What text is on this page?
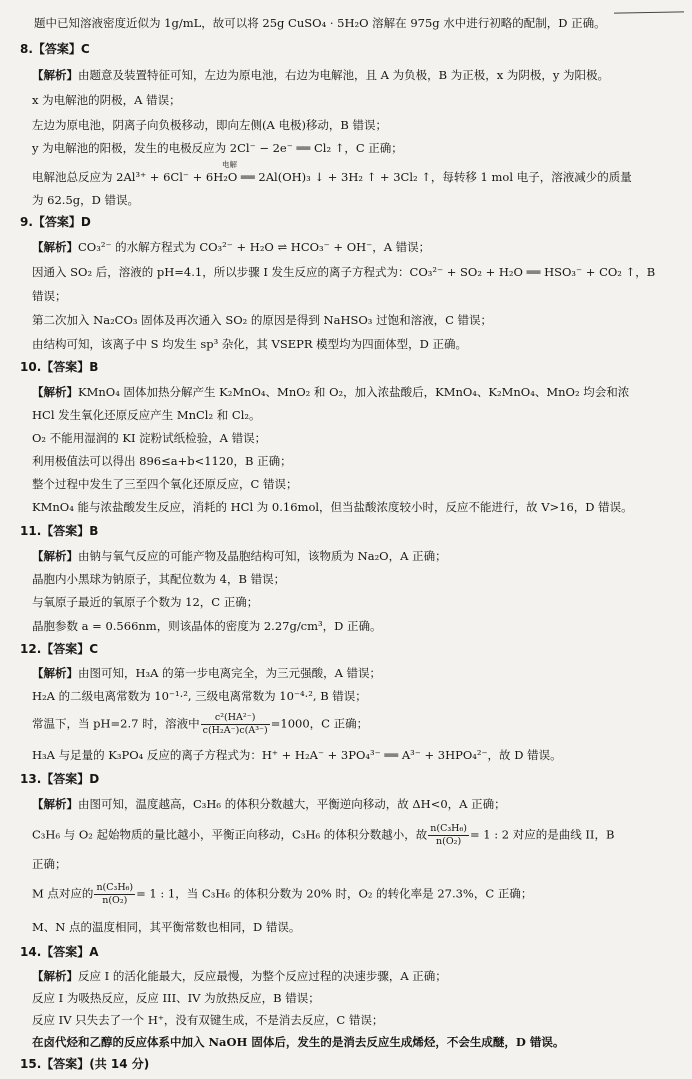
题中已知溶液密度近似为 1g/mL，故可以将 25g CuSO₄ · 5H₂O 溶解在 975g 水中进行初略的配制，D 正确。
8.【答案】C
【解析】由题意及装置特征可知，左边为原电池，右边为电解池，且 A 为负极，B 为正极，x 为阴极，y 为阳极。
x 为电解池的阴极，A 错误；
左边为原电池，阴离子向负极移动，即向左侧(A 电极)移动，B 错误；
y 为电解池的阳极，发生的电极反应为 2Cl⁻ − 2e⁻ ══ Cl₂ ↑，C 正确；
电解池总反应为 2Al³⁺ + 6Cl⁻ + 6H₂O ══ 2Al(OH)₃ ↓ + 3H₂ ↑ + 3Cl₂ ↑，每转移 1 mol 电子，溶液减少的质量
为 62.5g，D 错误。
9.【答案】D
【解析】CO₃²⁻ 的水解方程式为 CO₃²⁻ + H₂O ⇌ HCO₃⁻ + OH⁻，A 错误；
因通入 SO₂ 后，溶液的 pH=4.1，所以步骤 I 发生反应的离子方程式为：CO₃²⁻ + SO₂ + H₂O ══ HSO₃⁻ + CO₂ ↑，B
错误；
第二次加入 Na₂CO₃ 固体及再次通入 SO₂ 的原因是得到 NaHSO₃ 过饱和溶液，C 错误；
由结构可知，该离子中 S 均发生 sp³ 杂化，其 VSEPR 模型均为四面体型，D 正确。
10.【答案】B
【解析】KMnO₄ 固体加热分解产生 K₂MnO₄、MnO₂ 和 O₂，加入浓盐酸后，KMnO₄、K₂MnO₄、MnO₂ 均会和浓
HCl 发生氧化还原反应产生 MnCl₂ 和 Cl₂。
O₂ 不能用湿润的 KI 淀粉试纸检验，A 错误；
利用极值法可以得出 896≤a+b<1120，B 正确；
整个过程中发生了三至四个氧化还原反应，C 错误；
KMnO₄ 能与浓盐酸发生反应，消耗的 HCl 为 0.16mol，但当盐酸浓度较小时，反应不能进行，故 V>16，D 错误。
11.【答案】B
【解析】由钠与氧气反应的可能产物及晶胞结构可知，该物质为 Na₂O，A 正确；
晶胞内小黑球为钠原子，其配位数为 4，B 错误；
与氧原子最近的氧原子个数为 12，C 正确；
晶胞参数 a = 0.566nm，则该晶体的密度为 2.27g/cm³，D 正确。
12.【答案】C
【解析】由图可知，H₃A 的第一步电离完全，为三元强酸，A 错误；
H₂A 的二级电离常数为 10⁻¹·², 三级电离常数为 10⁻⁴·², B 错误；
H₃A 与足量的 K₃PO₄ 反应的离子方程式为：H⁺ + H₂A⁻ + 3PO₄³⁻ ══ A³⁻ + 3HPO₄²⁻，故 D 错误。
13.【答案】D
【解析】由图可知，温度越高，C₃H₆ 的体积分数越大，平衡逆向移动，故 ΔH<0，A 正确；
正确；
M、N 点的温度相同，其平衡常数也相同，D 错误。
14.【答案】A
【解析】反应 I 的活化能最大，反应最慢，为整个反应过程的决速步骤，A 正确；
反应 I 为吸热反应，反应 III、IV 为放热反应，B 错误；
反应 IV 只失去了一个 H⁺，没有双键生成，不是消去反应，C 错误；
在卤代烃和乙醇的反应体系中加入 NaOH 固体后，发生的是消去反应生成烯烃，不会生成醚，D 错误。
15.【答案】(共 14 分)
常温下，当 pH=2.7 时，溶液中 $\frac{\text{c²(HA²⁻)}}{\text{c(H₂A⁻)c(A³⁻)}} =1000$，C 正确；
C₃H₆ 与 O₂ 起始物质的量比越小，平衡正向移动，C₃H₆ 的体积分数越小，故 $\frac{\text{n(C₃H₆)}}{\text{n(O₂)}} = 1$ : 2 对应的是曲线 II，B
M 点对应的 $\frac{\text{n(C₃H₆)}}{\text{n(O₂)}} = 1$ : 1，当 C₃H₆ 的体积分数为 20% 时，O₂ 的转化率是 27.3%，C 正确；
电解
